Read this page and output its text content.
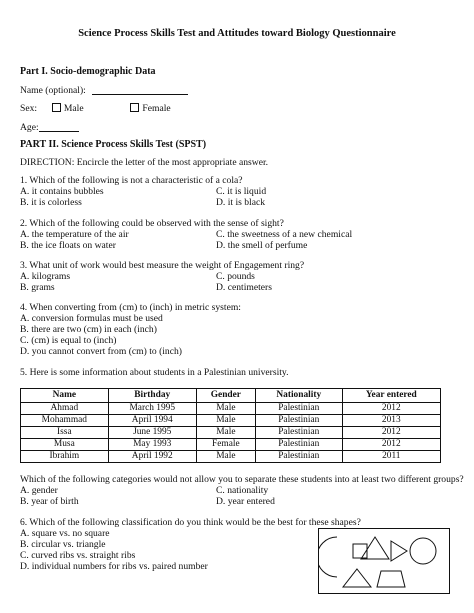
Science Process Skills Test and Attitudes toward Biology Questionnaire
Part I. Socio-demographic Data
Name (optional):
Sex:	Male	Female
Age:
PART II. Science Process Skills Test (SPST)
DIRECTION: Encircle the letter of the most appropriate answer.
1. Which of the following is not a characteristic of a cola?
A. it contains bubbles	C. it is liquid
B. it is colorless	D. it is black
2. Which of the following could be observed with the sense of sight?
A. the temperature of the air	C. the sweetness of a new chemical
B. the ice floats on water	D. the smell of perfume
3. What unit of work would best measure the weight of Engagement ring?
A. kilograms	C. pounds
B. grams	D. centimeters
4. When converting from (cm) to (inch) in metric system:
A. conversion formulas must be used
B. there are two (cm) in each (inch)
C. (cm) is equal to (inch)
D. you cannot convert from (cm) to (inch)
5. Here is some information about students in a Palestinian university.
Name	Birthday	Gender	Nationality	Year entered
Ahmad	March 1995	Male	Palestinian	2012
Mohammad	April 1994	Male	Palestinian	2013
Issa	June 1995	Male	Palestinian	2012
Musa	May 1993	Female	Palestinian	2012
Ibrahim	April 1992	Male	Palestinian	2011
Which of the following categories would not allow you to separate these students into at least two different groups?
A. gender	C. nationality
B. year of birth	D. year entered
6. Which of the following classification do you think would be the best for these shapes?
A. square vs. no square
B. circular vs. triangle
C. curved ribs vs. straight ribs
D. individual numbers for ribs vs. paired number
